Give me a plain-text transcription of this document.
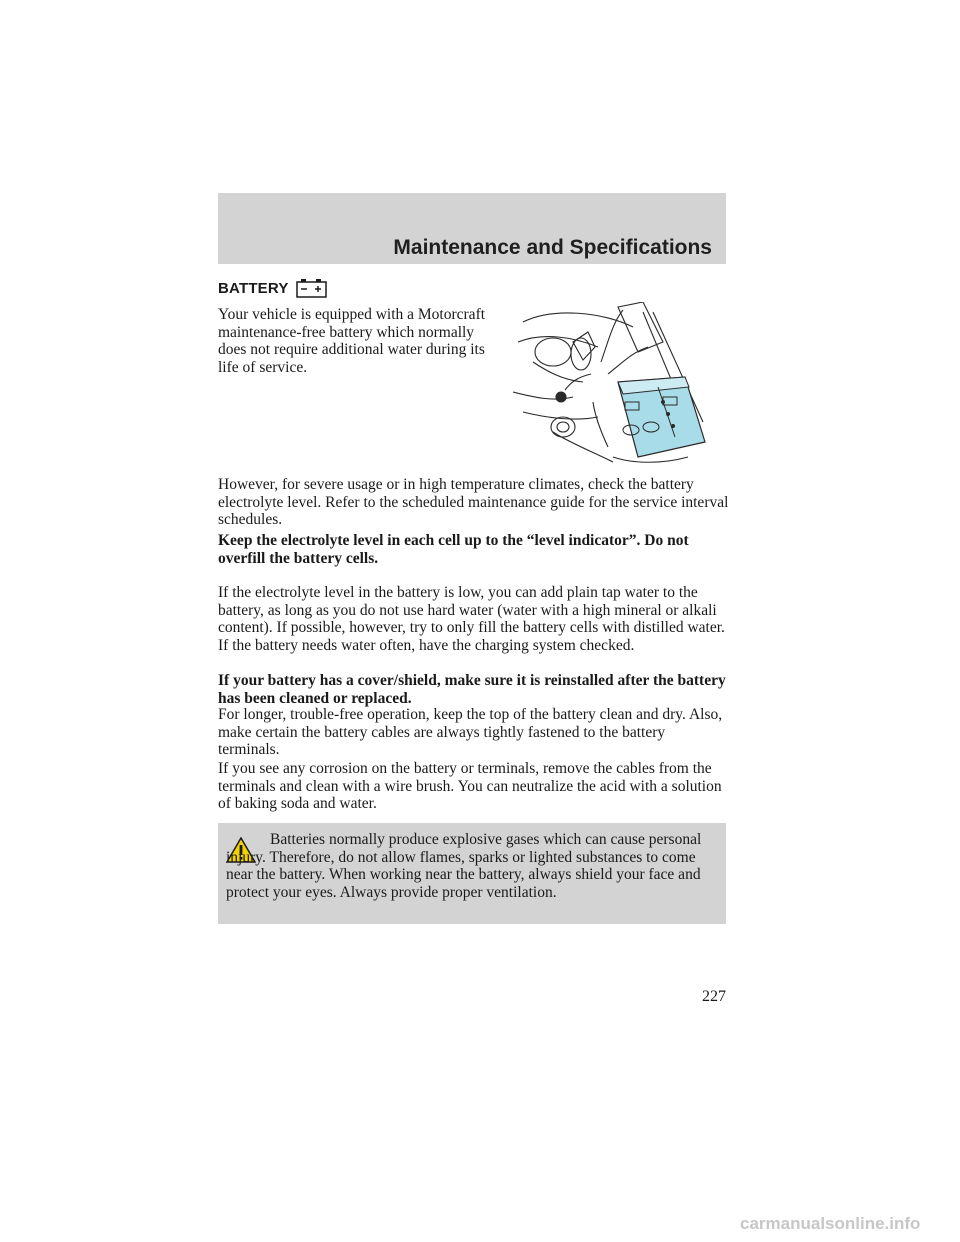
Maintenance and Specifications
BATTERY

Your vehicle is equipped with a Motorcraft maintenance-free battery which normally does not require additional water during its life of service.

However, for severe usage or in high temperature climates, check the battery electrolyte level. Refer to the scheduled maintenance guide for the service interval schedules.

Keep the electrolyte level in each cell up to the “level indicator”. Do not overfill the battery cells.

If the electrolyte level in the battery is low, you can add plain tap water to the battery, as long as you do not use hard water (water with a high mineral or alkali content). If possible, however, try to only fill the battery cells with distilled water. If the battery needs water often, have the charging system checked.

If your battery has a cover/shield, make sure it is reinstalled after the battery has been cleaned or replaced.

For longer, trouble-free operation, keep the top of the battery clean and dry. Also, make certain the battery cables are always tightly fastened to the battery terminals.

If you see any corrosion on the battery or terminals, remove the cables from the terminals and clean with a wire brush. You can neutralize the acid with a solution of baking soda and water.

Batteries normally produce explosive gases which can cause personal injury. Therefore, do not allow flames, sparks or lighted substances to come near the battery. When working near the battery, always shield your face and protect your eyes. Always provide proper ventilation.

227
carmanualsonline.info
